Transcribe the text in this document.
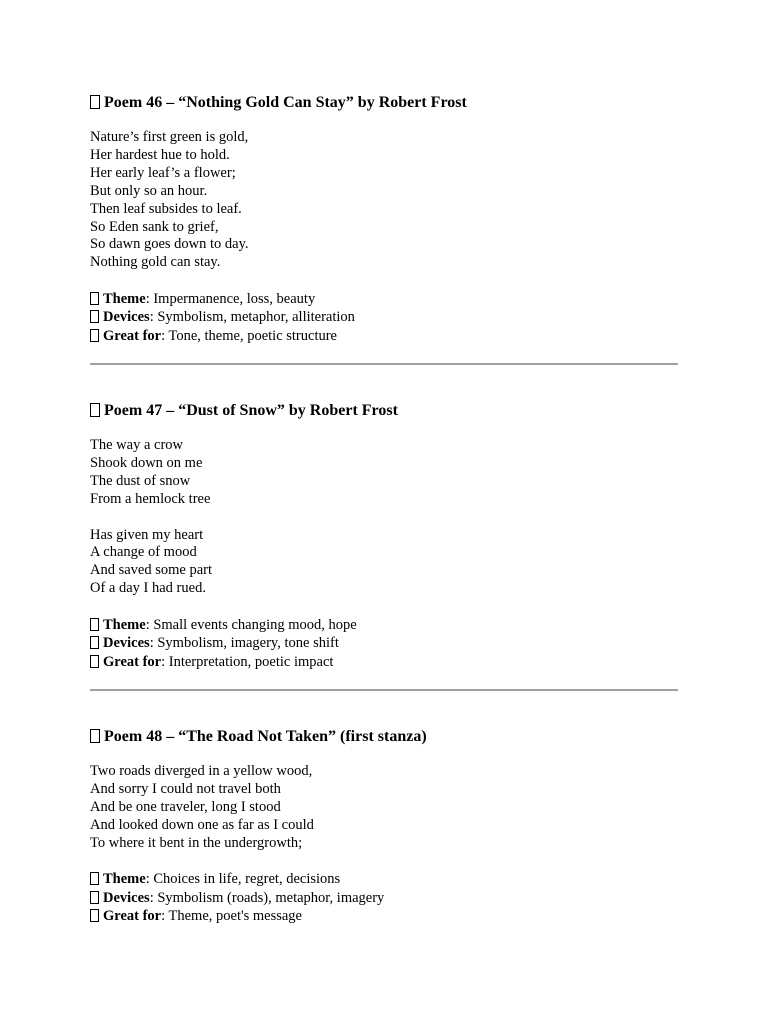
Poem 46 – “Nothing Gold Can Stay” by Robert Frost
Nature’s first green is gold,
Her hardest hue to hold.
Her early leaf’s a flower;
But only so an hour.
Then leaf subsides to leaf.
So Eden sank to grief,
So dawn goes down to day.
Nothing gold can stay.
Theme: Impermanence, loss, beauty
Devices: Symbolism, metaphor, alliteration
Great for: Tone, theme, poetic structure
Poem 47 – “Dust of Snow” by Robert Frost
The way a crow
Shook down on me
The dust of snow
From a hemlock tree
Has given my heart
A change of mood
And saved some part
Of a day I had rued.
Theme: Small events changing mood, hope
Devices: Symbolism, imagery, tone shift
Great for: Interpretation, poetic impact
Poem 48 – “The Road Not Taken” (first stanza)
Two roads diverged in a yellow wood,
And sorry I could not travel both
And be one traveler, long I stood
And looked down one as far as I could
To where it bent in the undergrowth;
Theme: Choices in life, regret, decisions
Devices: Symbolism (roads), metaphor, imagery
Great for: Theme, poet's message
